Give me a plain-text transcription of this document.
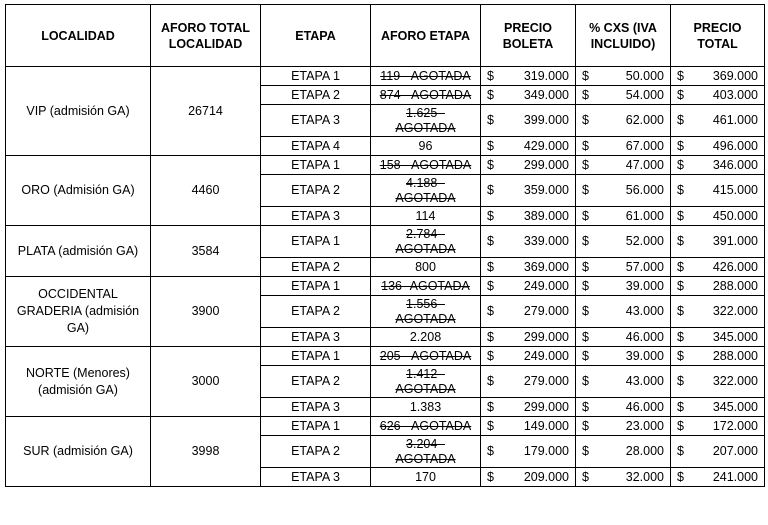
LOCALIDAD	AFORO TOTAL LOCALIDAD	ETAPA	AFORO ETAPA	PRECIO BOLETA	% CXS (IVA INCLUIDO)	PRECIO TOTAL
VIP (admisión GA)	26714	ETAPA 1	119 - AGOTADA	$ 319.000	$ 50.000	$ 369.000

		ETAPA 2	874 - AGOTADA	$ 349.000	$ 54.000	$ 403.000

		ETAPA 3	1.625 - AGOTADA	$ 399.000	$ 62.000	$ 461.000

		ETAPA 4	96	$ 429.000	$ 67.000	$ 496.000

ORO (Admisión GA)	4460	ETAPA 1	158 - AGOTADA	$ 299.000	$ 47.000	$ 346.000

		ETAPA 2	4.188 - AGOTADA	$ 359.000	$ 56.000	$ 415.000

		ETAPA 3	114	$ 389.000	$ 61.000	$ 450.000

PLATA (admisión GA)	3584	ETAPA 1	2.784 - AGOTADA	$ 339.000	$ 52.000	$ 391.000

		ETAPA 2	800	$ 369.000	$ 57.000	$ 426.000

OCCIDENTAL GRADERIA (admisión GA)	3900	ETAPA 1	136 -AGOTADA	$ 249.000	$ 39.000	$ 288.000

		ETAPA 2	1.556 - AGOTADA	$ 279.000	$ 43.000	$ 322.000

		ETAPA 3	2.208	$ 299.000	$ 46.000	$ 345.000

NORTE (Menores) (admisión GA)	3000	ETAPA 1	205 - AGOTADA	$ 249.000	$ 39.000	$ 288.000

		ETAPA 2	1.412 - AGOTADA	$ 279.000	$ 43.000	$ 322.000

		ETAPA 3	1.383	$ 299.000	$ 46.000	$ 345.000

SUR (admisión GA)	3998	ETAPA 1	626 - AGOTADA	$ 149.000	$ 23.000	$ 172.000

		ETAPA 2	3.204 - AGOTADA	$ 179.000	$ 28.000	$ 207.000

		ETAPA 3	170	$ 209.000	$ 32.000	$ 241.000
